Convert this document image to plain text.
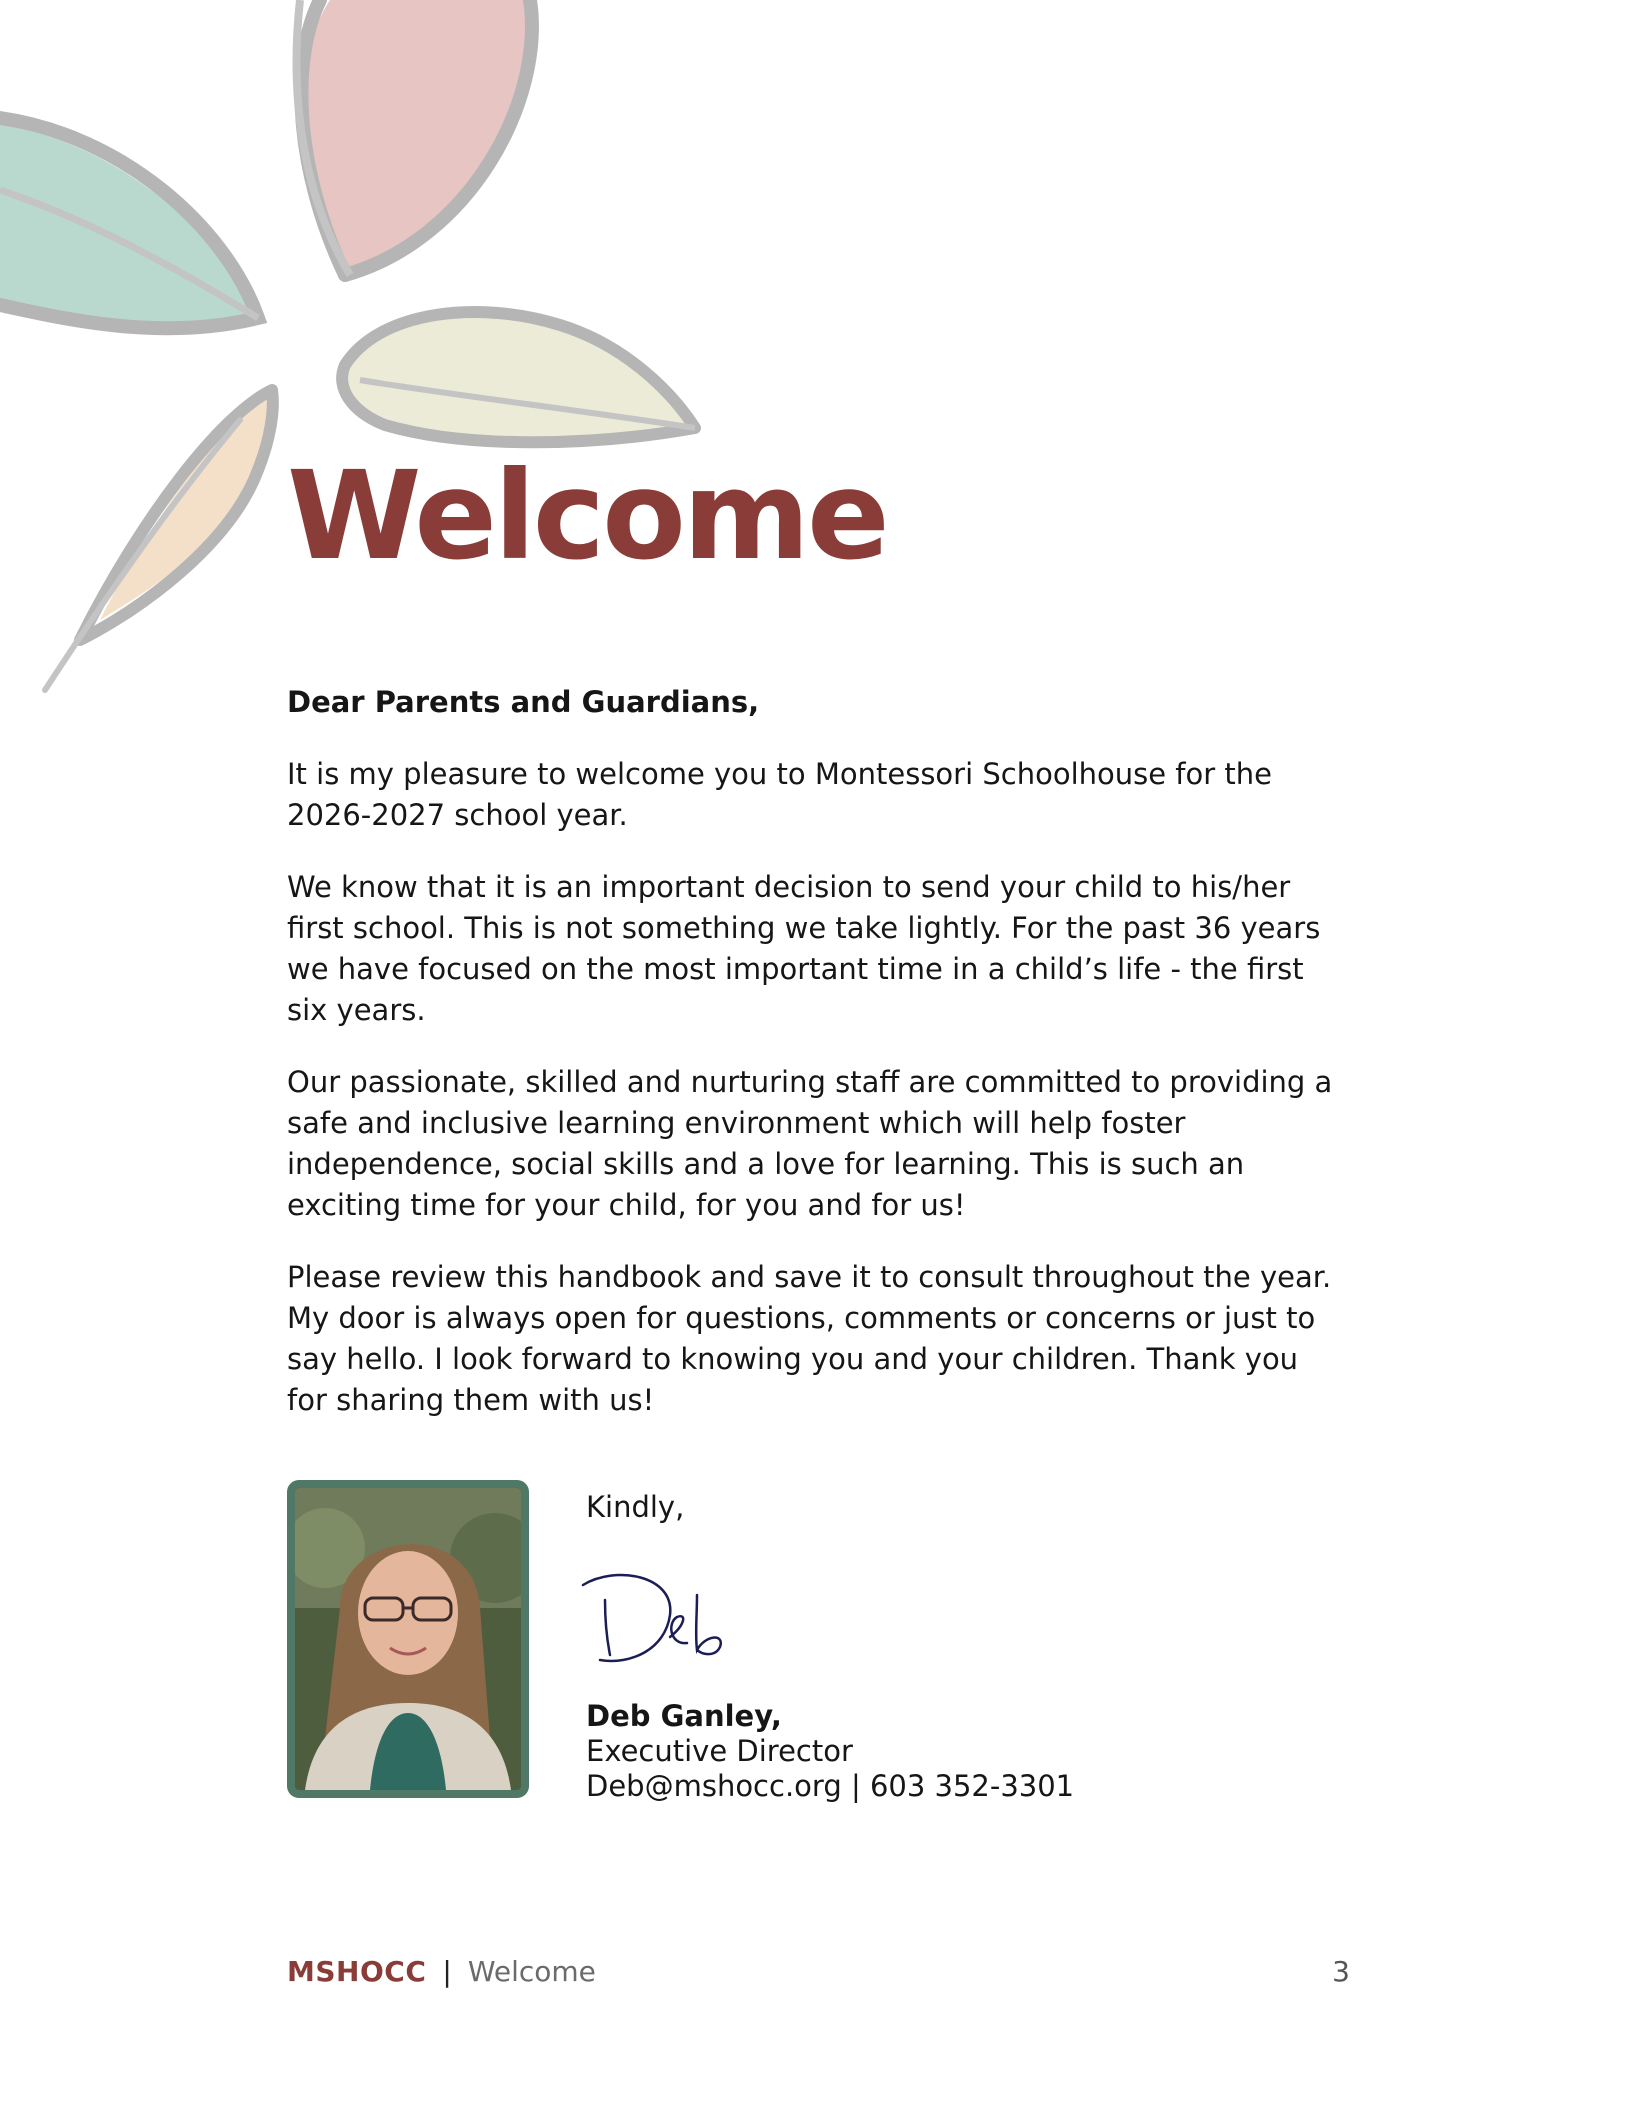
Welcome

Dear Parents and Guardians,

It is my pleasure to welcome you to Montessori Schoolhouse for the 2026-2027 school year.

We know that it is an important decision to send your child to his/her first school. This is not something we take lightly. For the past 36 years we have focused on the most important time in a child’s life - the first six years.

Our passionate, skilled and nurturing staff are committed to providing a safe and inclusive learning environment which will help foster independence, social skills and a love for learning. This is such an exciting time for your child, for you and for us!

Please review this handbook and save it to consult throughout the year. My door is always open for questions, comments or concerns or just to say hello. I look forward to knowing you and your children. Thank you for sharing them with us!

Kindly,

Deb Ganley,
Executive Director
Deb@mshocc.org | 603 352-3301
MSHOCC | Welcome	3
